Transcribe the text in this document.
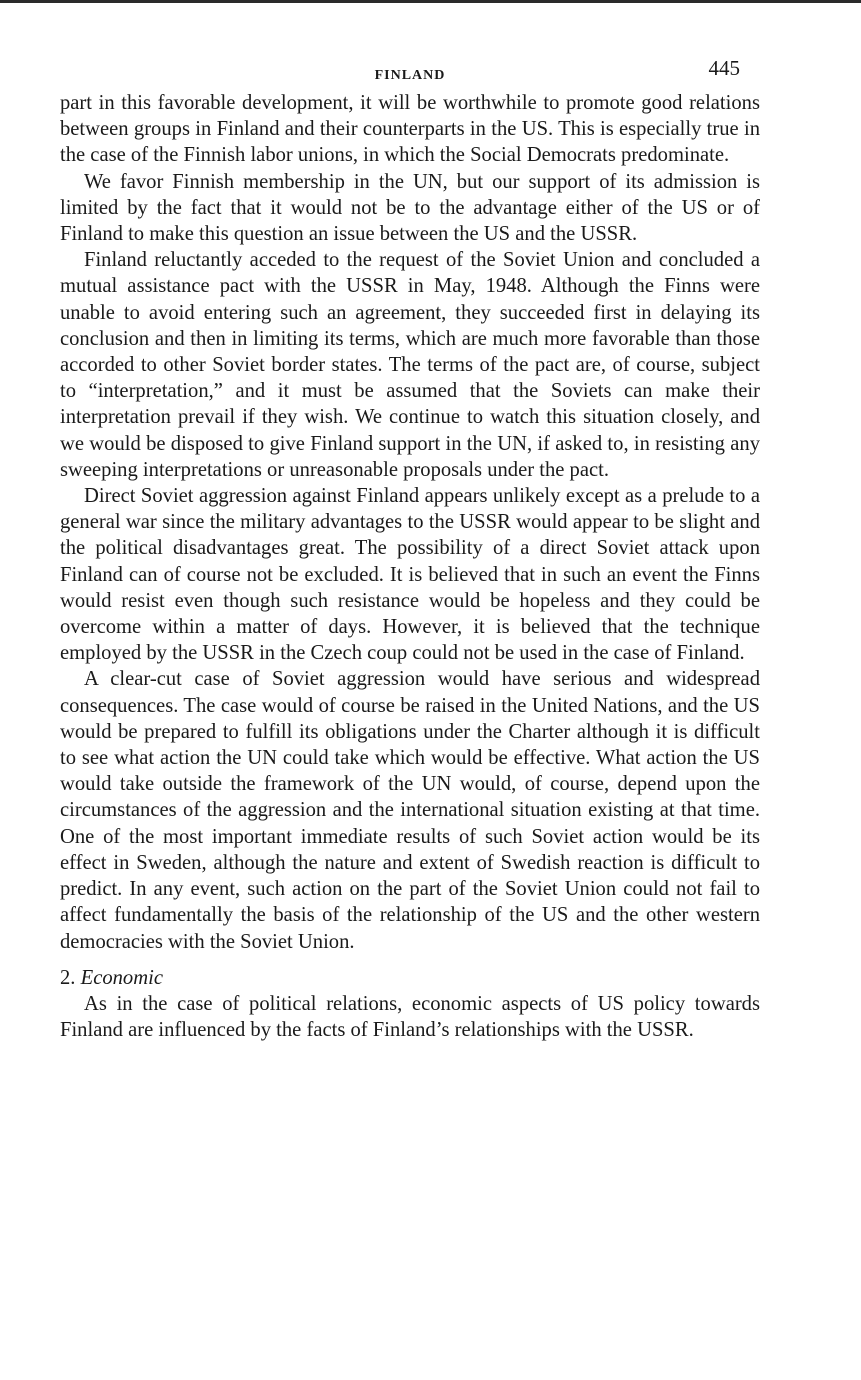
FINLAND	445

part in this favorable development, it will be worthwhile to promote good relations between groups in Finland and their counterparts in the US. This is especially true in the case of the Finnish labor unions, in which the Social Democrats predominate.

We favor Finnish membership in the UN, but our support of its admission is limited by the fact that it would not be to the advantage either of the US or of Finland to make this question an issue between the US and the USSR.

Finland reluctantly acceded to the request of the Soviet Union and concluded a mutual assistance pact with the USSR in May, 1948. Although the Finns were unable to avoid entering such an agreement, they succeeded first in delaying its conclusion and then in limiting its terms, which are much more favorable than those accorded to other Soviet border states. The terms of the pact are, of course, subject to “interpretation,” and it must be assumed that the Soviets can make their interpretation prevail if they wish. We continue to watch this situation closely, and we would be disposed to give Finland support in the UN, if asked to, in resisting any sweeping interpretations or unreasonable proposals under the pact.

Direct Soviet aggression against Finland appears unlikely except as a prelude to a general war since the military advantages to the USSR would appear to be slight and the political disadvantages great. The possibility of a direct Soviet attack upon Finland can of course not be excluded. It is believed that in such an event the Finns would resist even though such resistance would be hopeless and they could be overcome within a matter of days. However, it is believed that the technique employed by the USSR in the Czech coup could not be used in the case of Finland.

A clear-cut case of Soviet aggression would have serious and widespread consequences. The case would of course be raised in the United Nations, and the US would be prepared to fulfill its obligations under the Charter although it is difficult to see what action the UN could take which would be effective. What action the US would take outside the framework of the UN would, of course, depend upon the circumstances of the aggression and the international situation existing at that time. One of the most important immediate results of such Soviet action would be its effect in Sweden, although the nature and extent of Swedish reaction is difficult to predict. In any event, such action on the part of the Soviet Union could not fail to affect fundamentally the basis of the relationship of the US and the other western democracies with the Soviet Union.

2. Economic

As in the case of political relations, economic aspects of US policy towards Finland are influenced by the facts of Finland’s relationships with the USSR.
